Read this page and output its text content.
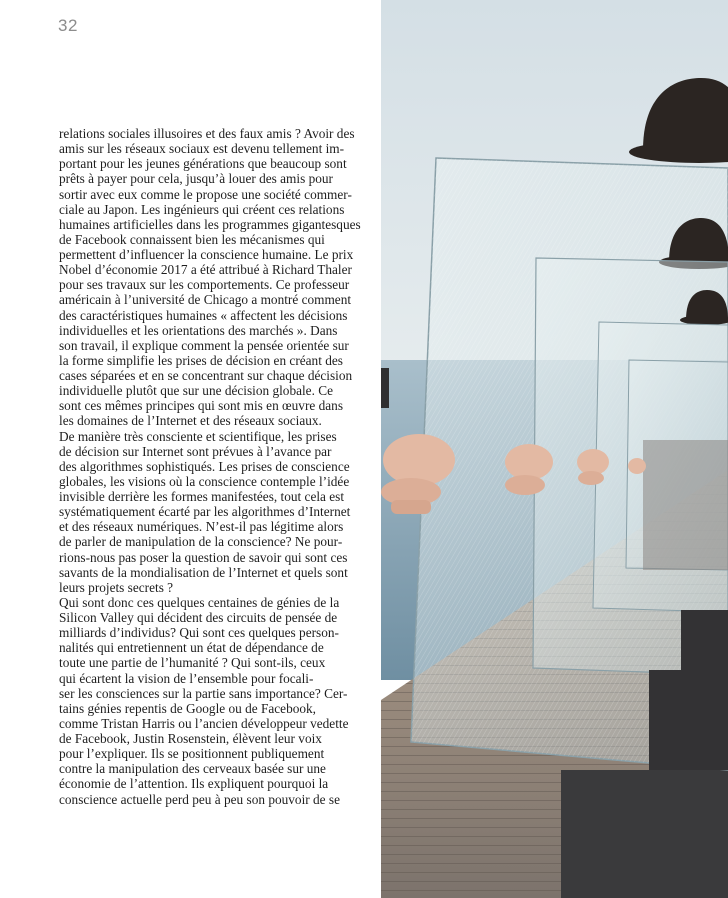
32
relations sociales illusoires et des faux amis ? Avoir des
amis sur les réseaux sociaux est devenu tellement im-
portant pour les jeunes générations que beaucoup sont
prêts à payer pour cela, jusqu’à louer des amis pour
sortir avec eux comme le propose une société commer-
ciale au Japon. Les ingénieurs qui créent ces relations
humaines artificielles dans les programmes gigantesques
de Facebook connaissent bien les mécanismes qui
permettent d’influencer la conscience humaine. Le prix
Nobel d’économie 2017 a été attribué à Richard Thaler
pour ses travaux sur les comportements. Ce professeur
américain à l’université de Chicago a montré comment
des caractéristiques humaines « affectent les décisions
individuelles et les orientations des marchés ». Dans
son travail, il explique comment la pensée orientée sur
la forme simplifie les prises de décision en créant des
cases séparées et en se concentrant sur chaque décision
individuelle plutôt que sur une décision globale. Ce
sont ces mêmes principes qui sont mis en œuvre dans
les domaines de l’Internet et des réseaux sociaux.
De manière très consciente et scientifique, les prises
de décision sur Internet sont prévues à l’avance par
des algorithmes sophistiqués. Les prises de conscience
globales, les visions où la conscience contemple l’idée
invisible derrière les formes manifestées, tout cela est
systématiquement écarté par les algorithmes d’Internet
et des réseaux numériques. N’est-il pas légitime alors
de parler de manipulation de la conscience? Ne pour-
rions-nous pas poser la question de savoir qui sont ces
savants de la mondialisation de l’Internet et quels sont
leurs projets secrets ?
Qui sont donc ces quelques centaines de génies de la
Silicon Valley qui décident des circuits de pensée de
milliards d’individus? Qui sont ces quelques person-
nalités qui entretiennent un état de dépendance de
toute une partie de l’humanité ? Qui sont-ils, ceux
qui écartent la vision de l’ensemble pour focali-
ser les consciences sur la partie sans importance? Cer-
tains génies repentis de Google ou de Facebook,
comme Tristan Harris ou l’ancien développeur vedette
de Facebook, Justin Rosenstein, élèvent leur voix
pour l’expliquer. Ils se positionnent publiquement
contre la manipulation des cerveaux basée sur une
économie de l’attention. Ils expliquent pourquoi la
conscience actuelle perd peu à peu son pouvoir de se
